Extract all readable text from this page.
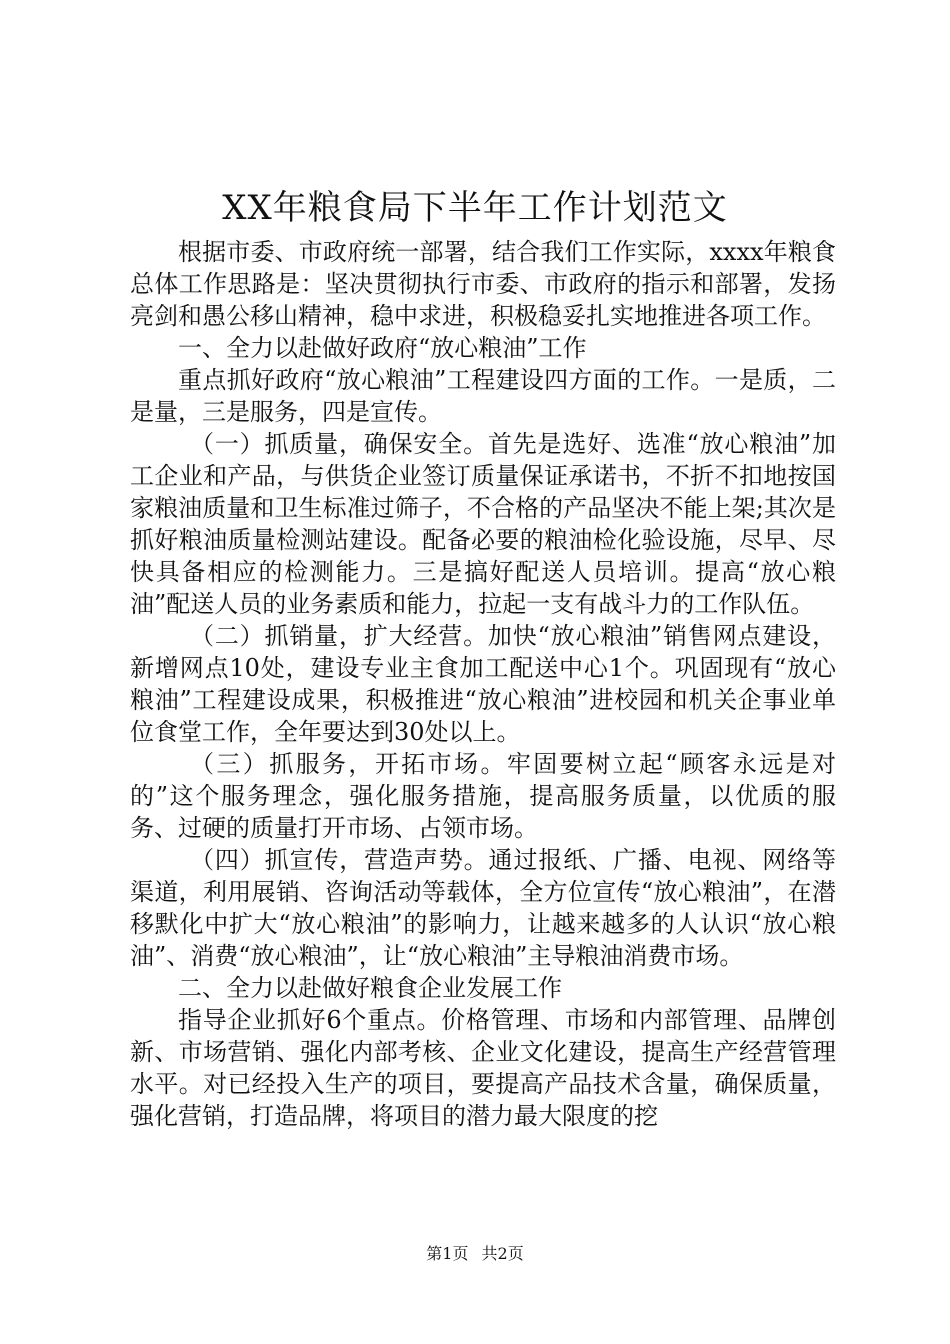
XX年粮食局下半年工作计划范文

根据市委、市政府统一部署，结合我们工作实际，xxxx年粮食总体工作思路是：坚决贯彻执行市委、市政府的指示和部署，发扬亮剑和愚公移山精神，稳中求进，积极稳妥扎实地推进各项工作。

一、全力以赴做好政府“放心粮油”工作

重点抓好政府“放心粮油”工程建设四方面的工作。一是质，二是量，三是服务，四是宣传。

（一）抓质量，确保安全。首先是选好、选准“放心粮油”加工企业和产品，与供货企业签订质量保证承诺书，不折不扣地按国家粮油质量和卫生标准过筛子，不合格的产品坚决不能上架;其次是抓好粮油质量检测站建设。配备必要的粮油检化验设施，尽早、尽快具备相应的检测能力。三是搞好配送人员培训。提高“放心粮油”配送人员的业务素质和能力，拉起一支有战斗力的工作队伍。

（二）抓销量，扩大经营。加快“放心粮油”销售网点建设，新增网点10处，建设专业主食加工配送中心1个。巩固现有“放心粮油”工程建设成果，积极推进“放心粮油”进校园和机关企事业单位食堂工作，全年要达到30处以上。

（三）抓服务，开拓市场。牢固要树立起“顾客永远是对的”这个服务理念，强化服务措施，提高服务质量，以优质的服务、过硬的质量打开市场、占领市场。

（四）抓宣传，营造声势。通过报纸、广播、电视、网络等渠道，利用展销、咨询活动等载体，全方位宣传“放心粮油”，在潜移默化中扩大“放心粮油”的影响力，让越来越多的人认识“放心粮油”、消费“放心粮油”，让“放心粮油”主导粮油消费市场。

二、全力以赴做好粮食企业发展工作

指导企业抓好6个重点。价格管理、市场和内部管理、品牌创新、市场营销、强化内部考核、企业文化建设，提高生产经营管理水平。对已经投入生产的项目，要提高产品技术含量，确保质量，强化营销，打造品牌，将项目的潜力最大限度的挖

第1页 共2页
